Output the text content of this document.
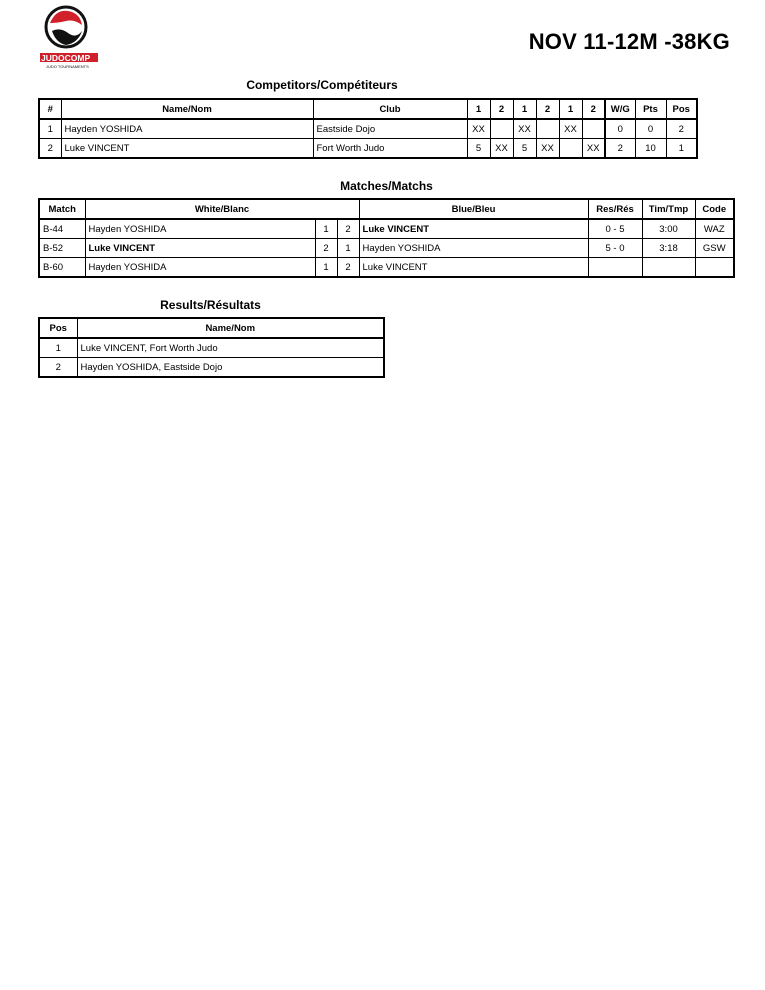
JUDOCOMP
JUDO TOURNAMENTS
NOV 11-12M -38KG
Competitors/Compétiteurs
#	Name/Nom	Club	1	2	1	2	1	2	W/G	Pts	Pos
1	Hayden YOSHIDA	Eastside Dojo	XX		XX		XX		0	0	2
2	Luke VINCENT	Fort Worth Judo	5	XX	5	XX		XX	2	10	1
Matches/Matchs
Match	White/Blanc			Blue/Bleu	Res/Rés	Tim/Tmp	Code
B-44	Hayden YOSHIDA	1	2	Luke VINCENT	0 - 5	3:00	WAZ
B-52	Luke VINCENT	2	1	Hayden YOSHIDA	5 - 0	3:18	GSW
B-60	Hayden YOSHIDA	1	2	Luke VINCENT			
Results/Résultats
Pos	Name/Nom
1	Luke VINCENT, Fort Worth Judo
2	Hayden YOSHIDA, Eastside Dojo
